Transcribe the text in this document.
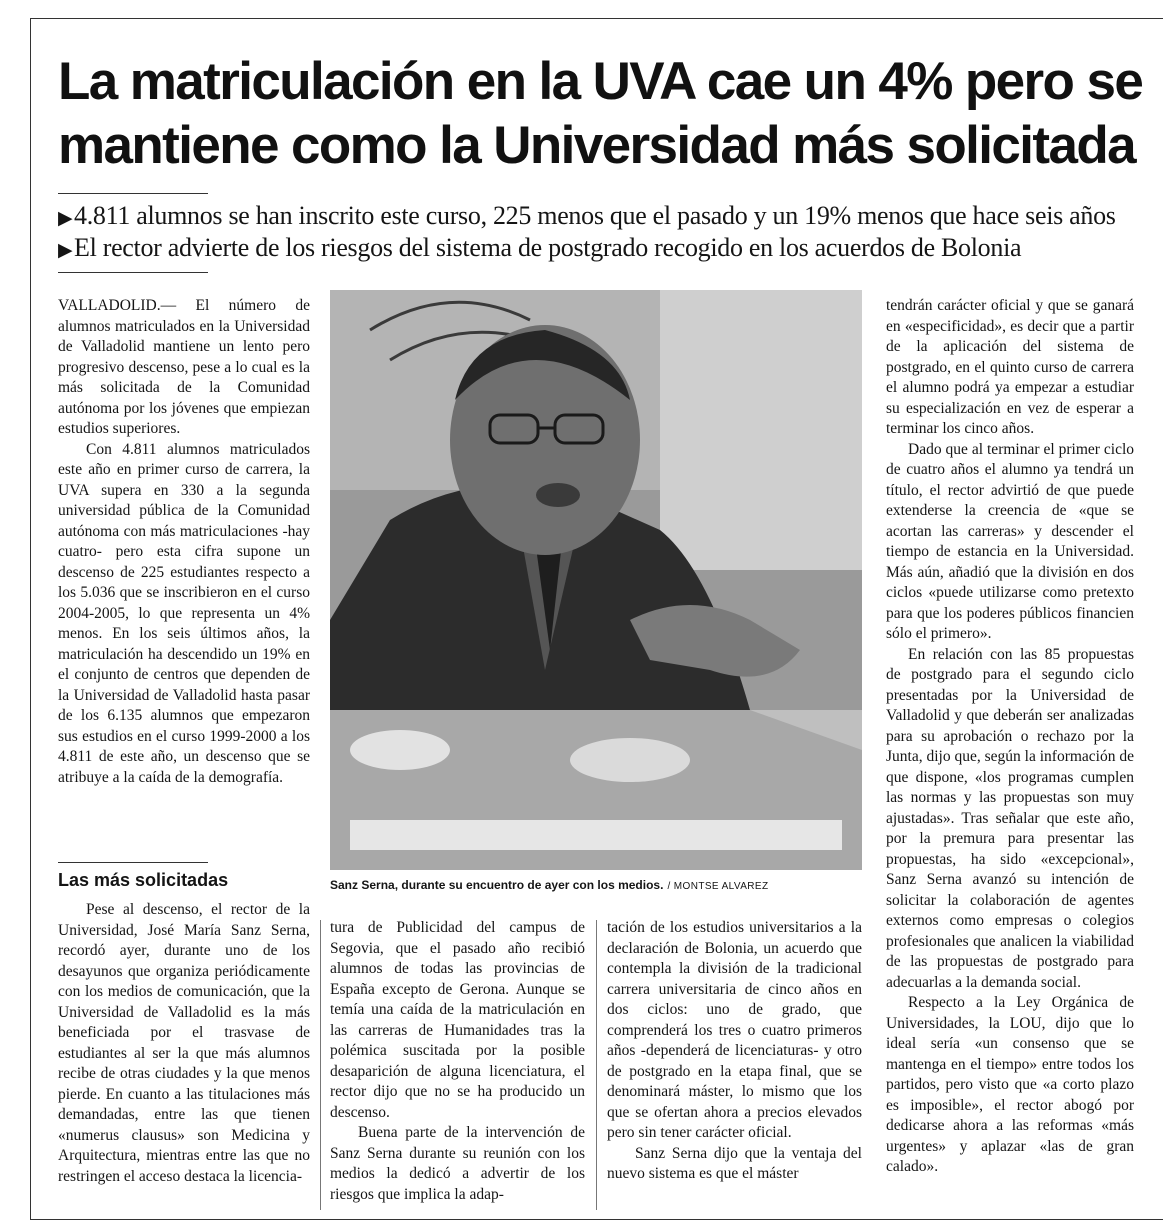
La matriculación en la UVA cae un 4% pero se mantiene como la Universidad más solicitada

▶4.811 alumnos se han inscrito este curso, 225 menos que el pasado y un 19% menos que hace seis años

▶El rector advierte de los riesgos del sistema de postgrado recogido en los acuerdos de Bolonia

VALLADOLID.— El número de alumnos matriculados en la Universidad de Valladolid mantiene un lento pero progresivo descenso, pese a lo cual es la más solicitada de la Comunidad autónoma por los jóvenes que empiezan estudios superiores.

Con 4.811 alumnos matriculados este año en primer curso de carrera, la UVA supera en 330 a la segunda universidad pública de la Comunidad autónoma con más matriculaciones -hay cuatro- pero esta cifra supone un descenso de 225 estudiantes respecto a los 5.036 que se inscribieron en el curso 2004-2005, lo que representa un 4% menos. En los seis últimos años, la matriculación ha descendido un 19% en el conjunto de centros que dependen de la Universidad de Valladolid hasta pasar de los 6.135 alumnos que empezaron sus estudios en el curso 1999-2000 a los 4.811 de este año, un descenso que se atribuye a la caída de la demografía.

Sanz Serna, durante su encuentro de ayer con los medios. / MONTSE ALVAREZ

Las más solicitadas

Pese al descenso, el rector de la Universidad, José María Sanz Serna, recordó ayer, durante uno de los desayunos que organiza periódicamente con los medios de comunicación, que la Universidad de Valladolid es la más beneficiada por el trasvase de estudiantes al ser la que más alumnos recibe de otras ciudades y la que menos pierde. En cuanto a las titulaciones más demandadas, entre las que tienen «numerus clausus» son Medicina y Arquitectura, mientras entre las que no restringen el acceso destaca la licencia-

tura de Publicidad del campus de Segovia, que el pasado año recibió alumnos de todas las provincias de España excepto de Gerona. Aunque se temía una caída de la matriculación en las carreras de Humanidades tras la polémica suscitada por la posible desaparición de alguna licenciatura, el rector dijo que no se ha producido un descenso.

Buena parte de la intervención de Sanz Serna durante su reunión con los medios la dedicó a advertir de los riesgos que implica la adap-

tación de los estudios universitarios a la declaración de Bolonia, un acuerdo que contempla la división de la tradicional carrera universitaria de cinco años en dos ciclos: uno de grado, que comprenderá los tres o cuatro primeros años -dependerá de licenciaturas- y otro de postgrado en la etapa final, que se denominará máster, lo mismo que los que se ofertan ahora a precios elevados pero sin tener carácter oficial.

Sanz Serna dijo que la ventaja del nuevo sistema es que el máster

tendrán carácter oficial y que se ganará en «especificidad», es decir que a partir de la aplicación del sistema de postgrado, en el quinto curso de carrera el alumno podrá ya empezar a estudiar su especialización en vez de esperar a terminar los cinco años.

Dado que al terminar el primer ciclo de cuatro años el alumno ya tendrá un título, el rector advirtió de que puede extenderse la creencia de «que se acortan las carreras» y descender el tiempo de estancia en la Universidad. Más aún, añadió que la división en dos ciclos «puede utilizarse como pretexto para que los poderes públicos financien sólo el primero».

En relación con las 85 propuestas de postgrado para el segundo ciclo presentadas por la Universidad de Valladolid y que deberán ser analizadas para su aprobación o rechazo por la Junta, dijo que, según la información de que dispone, «los programas cumplen las normas y las propuestas son muy ajustadas». Tras señalar que este año, por la premura para presentar las propuestas, ha sido «excepcional», Sanz Serna avanzó su intención de solicitar la colaboración de agentes externos como empresas o colegios profesionales que analicen la viabilidad de las propuestas de postgrado para adecuarlas a la demanda social.

Respecto a la Ley Orgánica de Universidades, la LOU, dijo que lo ideal sería «un consenso que se mantenga en el tiempo» entre todos los partidos, pero visto que «a corto plazo es imposible», el rector abogó por dedicarse ahora a las reformas «más urgentes» y aplazar «las de gran calado».
